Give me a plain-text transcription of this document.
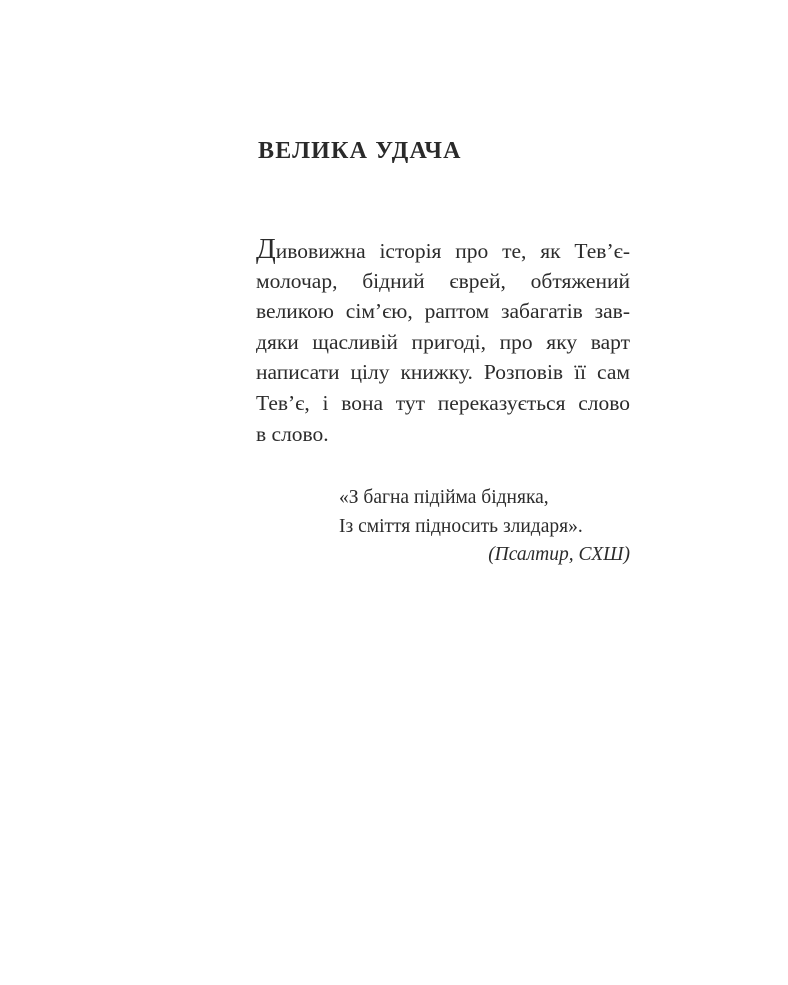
ВЕЛИКА УДАЧА
Дивовижна історія про те, як Тев’є-
молочар, бідний єврей, обтяжений
великою сім’єю, раптом забагатів зав-
дяки щасливій пригоді, про яку варт
написати цілу книжку. Розповів її сам
Тев’є, і вона тут переказується слово
в слово.
«З багна підійма бідняка,
Із сміття підносить злидаря».
(Псалтир, СХШ)
